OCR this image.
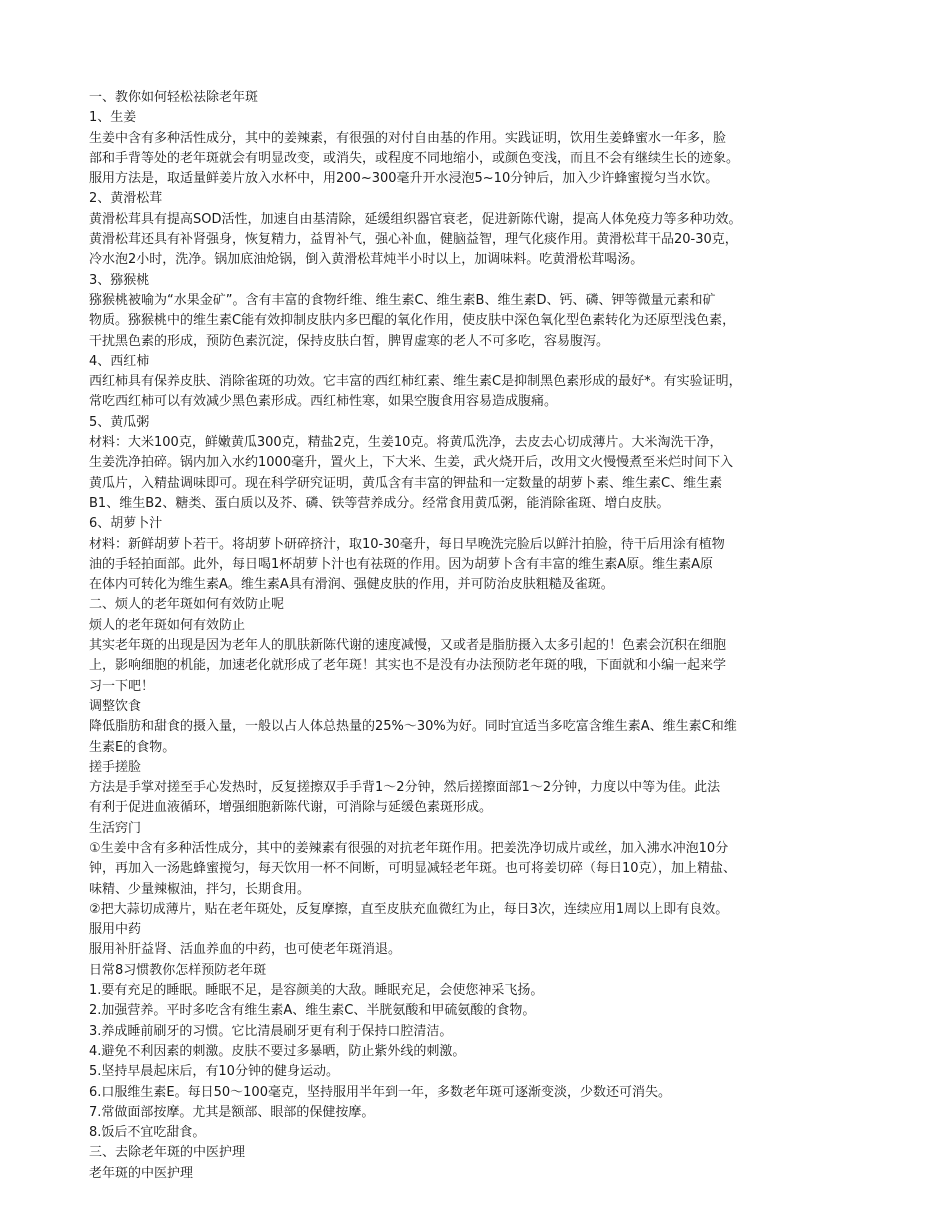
一、教你如何轻松祛除老年斑

1、生姜

生姜中含有多种活性成分，其中的姜辣素，有很强的对付自由基的作用。实践证明，饮用生姜蜂蜜水一年多，脸

部和手背等处的老年斑就会有明显改变，或消失，或程度不同地缩小，或颜色变浅，而且不会有继续生长的迹象。

服用方法是，取适量鲜姜片放入水杯中，用200~300毫升开水浸泡5~10分钟后，加入少许蜂蜜搅匀当水饮。

2、黄滑松茸

黄滑松茸具有提高SOD活性，加速自由基清除，延缓组织器官衰老，促进新陈代谢，提高人体免疫力等多种功效。

黄滑松茸还具有补肾强身，恢复精力，益胃补气，强心补血，健脑益智，理气化痰作用。黄滑松茸干品20-30克，

冷水泡2小时，洗净。锅加底油炝锅，倒入黄滑松茸炖半小时以上，加调味料。吃黄滑松茸喝汤。

3、猕猴桃

猕猴桃被喻为“水果金矿”。含有丰富的食物纤维、维生素C、维生素B、维生素D、钙、磷、钾等微量元素和矿

物质。猕猴桃中的维生素C能有效抑制皮肤内多巴醌的氧化作用，使皮肤中深色氧化型色素转化为还原型浅色素，

干扰黑色素的形成，预防色素沉淀，保持皮肤白皙，脾胃虚寒的老人不可多吃，容易腹泻。

4、西红柿

西红柿具有保养皮肤、消除雀斑的功效。它丰富的西红柿红素、维生素C是抑制黑色素形成的最好*。有实验证明，

常吃西红柿可以有效减少黑色素形成。西红柿性寒，如果空腹食用容易造成腹痛。

5、黄瓜粥

材料：大米100克，鲜嫩黄瓜300克，精盐2克，生姜10克。将黄瓜洗净，去皮去心切成薄片。大米淘洗干净，

生姜洗净拍碎。锅内加入水约1000毫升，置火上，下大米、生姜，武火烧开后，改用文火慢慢煮至米烂时间下入

黄瓜片，入精盐调味即可。现在科学研究证明，黄瓜含有丰富的钾盐和一定数量的胡萝卜素、维生素C、维生素

B1、维生B2、糖类、蛋白质以及芥、磷、铁等营养成分。经常食用黄瓜粥，能消除雀斑、增白皮肤。

6、胡萝卜汁

材料：新鲜胡萝卜若干。将胡萝卜研碎挤汁，取10-30毫升，每日早晚洗完脸后以鲜汁拍脸，待干后用涂有植物

油的手轻拍面部。此外，每日喝1杯胡萝卜汁也有祛斑的作用。因为胡萝卜含有丰富的维生素A原。维生素A原

在体内可转化为维生素A。维生素A具有滑润、强健皮肤的作用，并可防治皮肤粗糙及雀斑。

二、烦人的老年斑如何有效防止呢

烦人的老年斑如何有效防止

其实老年斑的出现是因为老年人的肌肤新陈代谢的速度减慢，又或者是脂肪摄入太多引起的！色素会沉积在细胞

上，影响细胞的机能，加速老化就形成了老年斑！其实也不是没有办法预防老年斑的哦，下面就和小编一起来学

习一下吧！

调整饮食

降低脂肪和甜食的摄入量，一般以占人体总热量的25%～30%为好。同时宜适当多吃富含维生素A、维生素C和维

生素E的食物。

搓手搓脸

方法是手掌对搓至手心发热时，反复搓擦双手手背1～2分钟，然后搓擦面部1～2分钟，力度以中等为佳。此法

有利于促进血液循环，增强细胞新陈代谢，可消除与延缓色素斑形成。

生活窍门

①生姜中含有多种活性成分，其中的姜辣素有很强的对抗老年斑作用。把姜洗净切成片或丝，加入沸水冲泡10分

钟，再加入一汤匙蜂蜜搅匀，每天饮用一杯不间断，可明显减轻老年斑。也可将姜切碎（每日10克），加上精盐、

味精、少量辣椒油，拌匀，长期食用。

②把大蒜切成薄片，贴在老年斑处，反复摩擦，直至皮肤充血微红为止，每日3次，连续应用1周以上即有良效。

服用中药

服用补肝益肾、活血养血的中药，也可使老年斑消退。

日常8习惯教你怎样预防老年斑

1.要有充足的睡眠。睡眠不足，是容颜美的大敌。睡眠充足，会使您神采飞扬。

2.加强营养。平时多吃含有维生素A、维生素C、半胱氨酸和甲硫氨酸的食物。

3.养成睡前刷牙的习惯。它比清晨刷牙更有利于保持口腔清洁。

4.避免不利因素的刺激。皮肤不要过多暴晒，防止紫外线的刺激。

5.坚持早晨起床后，有10分钟的健身运动。

6.口服维生素E。每日50～100毫克，坚持服用半年到一年，多数老年斑可逐渐变淡，少数还可消失。

7.常做面部按摩。尤其是额部、眼部的保健按摩。

8.饭后不宜吃甜食。

三、去除老年斑的中医护理

老年斑的中医护理
